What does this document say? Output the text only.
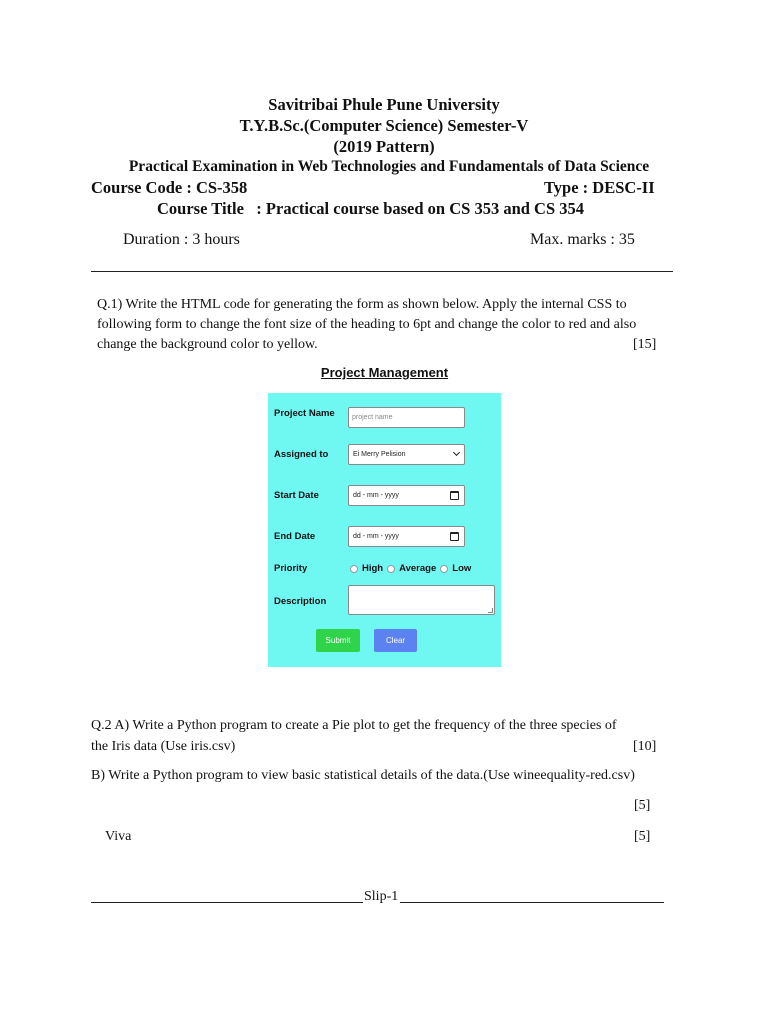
Savitribai Phule Pune University
T.Y.B.Sc.(Computer Science) Semester-V
(2019 Pattern)
Practical Examination in Web Technologies and Fundamentals of Data Science
Course Code : CS-358	Type : DESC-II
Course Title   : Practical course based on CS 353 and CS 354
Duration : 3 hours	Max. marks : 35
Q.1) Write the HTML code for generating the form as shown below. Apply the internal CSS to
following form to change the font size of the heading to 6pt and change the color to red and also
change the background color to yellow.	[15]
Project Management
Project Name	project name
Assigned to	Ei Merry Pelision
Start Date	dd - mm - yyyy
End Date	dd - mm - yyyy
Priority	High Average Low
Description
Submit	Clear
Q.2 A) Write a Python program to create a Pie plot to get the frequency of the three species of
the Iris data (Use iris.csv)	[10]
B) Write a Python program to view basic statistical details of the data.(Use wineequality-red.csv)
[5]
Viva	[5]
Slip-1
